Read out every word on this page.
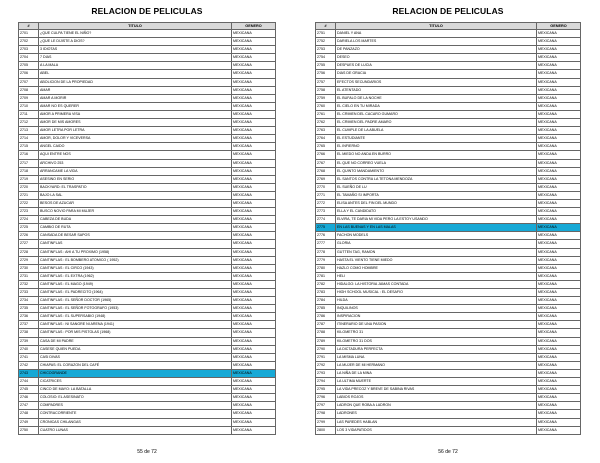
RELACION DE PELICULAS
#	TITULO	GENERO
2701	¿QUE CULPA TIENE EL NIÑO?	MEXICANA
2702	¿QUE LE DIJISTE A DIOS?	MEXICANA
2703	3 IDIOTAS	MEXICANA
2704	7 DIAS	MEXICANA
2705	A LA MALA	MEXICANA
2706	ABEL	MEXICANA
2707	ABOLICION DE LA PROPIEDAD	MEXICANA
2708	AMAR	MEXICANA
2709	AMAR A MORIR	MEXICANA
2710	AMAR NO ES QUERER	MEXICANA
2711	AMOR A PRIMERA VISA	MEXICANA
2712	AMOR DE MIS AMORES	MEXICANA
2713	AMOR LETRA POR LETRA	MEXICANA
2714	AMOR, DOLOR Y VICEVERSA	MEXICANA
2715	ANGEL CAIDO	MEXICANA
2716	AQUI ENTRE NOS	MEXICANA
2717	ARCHIVO 253	MEXICANA
2718	ARRANCAME LA VIDA	MEXICANA
2719	ASESINO EN SERIO	MEXICANA
2720	BACKYARD: EL TRASPATIO	MEXICANA
2721	BAJO LA SAL	MEXICANA
2722	BESOS DE AZUCAR	MEXICANA
2723	BUSCO NOVIO PARA MI MUJER	MEXICANA
2724	CABEZA DE BUDA	MEXICANA
2725	CAMBIO DE RUTA	MEXICANA
2726	CANSADA DE BESAR SAPOS	MEXICANA
2727	CANTINFLAS	MEXICANA
2728	CANTINFLAS : AHI A TU PROXIMO (1958)	MEXICANA
2729	CANTINFLAS : EL BOMBERO ATOMICO ( 1952)	MEXICANA
2730	CANTINFLAS : EL CIRCO (1943)	MEXICANA
2731	CANTINFLAS : EL EXTRA (1962)	MEXICANA
2732	CANTINFLAS : EL MAGO (1949)	MEXICANA
2733	CANTINFLAS : EL PADRECITO (1964)	MEXICANA
2734	CANTINFLAS : EL SEÑOR DOCTOR (1965)	MEXICANA
2735	CANTINFLAS : EL SEÑOR FOTOGRAFO (1953)	MEXICANA
2736	CANTINFLAS : EL SUPERSABIO (1948)	MEXICANA
2737	CANTINFLAS : NI SANGRE NI ARENA (1941)	MEXICANA
2738	CANTINFLAS : POR MIS PISTOLAS (1968)	MEXICANA
2739	CASA DE MI PADRE	MEXICANA
2740	CASESE QUIEN PUEDA	MEXICANA
2741	CASI DIVAS	MEXICANA
2742	CHIAPAS: EL CORAZON DEL CAFÉ	MEXICANA
2743	CHICOGRANDE	MEXICANA
2744	CICATRICES	MEXICANA
2745	CINCO DE MAYO: LA BATALLA	MEXICANA
2746	COLOSIO: EL ASESINATO	MEXICANA
2747	COMPADRES	MEXICANA
2748	CONTRACORRIENTE	MEXICANA
2749	CRONICAS CHILANGAS	MEXICANA
2750	CUATRO LUNAS	MEXICANA
55 de 72
RELACION DE PELICULAS
#	TITULO	GENERO
2751	DANIEL Y ANA	MEXICANA
2752	DARIELA LOS MARTES	MEXICANA
2753	DE PANZAZO	MEXICANA
2754	DESEO	MEXICANA
2755	DESPUES DE LUCIA	MEXICANA
2756	DIAS DE GRACIA	MEXICANA
2757	EFECTOS SECUNDARIOS	MEXICANA
2758	EL ATENTADO	MEXICANA
2759	EL BUFALO DE LA NOCHE	MEXICANA
2760	EL CIELO EN TU MIRADA	MEXICANA
2761	EL CRIMEN DEL CACARO GUMARO	MEXICANA
2762	EL CRIMEN DEL PADRE AMARO	MEXICANA
2763	EL CUMPLE DE LA ABUELA	MEXICANA
2764	EL ESTUDIANTE	MEXICANA
2765	EL INFIERNO	MEXICANA
2766	EL MIEDO NO ANDA EN BURRO	MEXICANA
2767	EL QUE NO CORREO VUELA	MEXICANA
2768	EL QUINTO MANDAMIENTO	MEXICANA
2769	EL SANTOS CONTRA LA TETONA MENDOZA	MEXICANA
2770	EL SUEÑO DE LU	MEXICANA
2771	EL TAMAÑO SI IMPORTA	MEXICANA
2772	ELISA ANTES DEL FIN DEL MUNDO	MEXICANA
2773	ELLA Y EL CANDIDATO	MEXICANA
2774	ELVIRA, TE DARIA MI VIDA PERO LA ESTOY USANDO	MEXICANA
2775	EN LAS BUENAS Y EN LAS MALAS	MEXICANA
2776	FACHON MODELS	MEXICANA
2777	GLORIA	MEXICANA
2778	GUTTEN TAG, RAMON	MEXICANA
2779	HASTA EL VIENTO TIENE MIEDO	MEXICANA
2780	HAZLO COMO HOMBRE	MEXICANA
2781	HELI	MEXICANA
2782	HIDALGO: LA HISTORIA JAMAS CONTADA	MEXICANA
2783	HIGH SCHOOL MUSICAL : EL DESAFIO	MEXICANA
2784	HILDA	MEXICANA
2785	INQUILINOS	MEXICANA
2786	INSPIRACION	MEXICANA
2787	ITINERARIO DE UNA PASION	MEXICANA
2788	KILOMETRO 31	MEXICANA
2789	KILOMETRO 31 DOS	MEXICANA
2790	LA DICTADURA PERFECTA	MEXICANA
2791	LA MISMA LUNA	MEXICANA
2792	LA MUJER DE MI HERMANO	MEXICANA
2793	LA NIÑA DE LA MINA	MEXICANA
2794	LA ULTIMA MUERTE	MEXICANA
2795	LA VIDA PRECOZ Y BREVE DE SABINA RIVAS	MEXICANA
2796	LABIOS ROJOS	MEXICANA
2797	LADRON QUE ROBA A LADRON	MEXICANA
2798	LADRONES	MEXICANA
2799	LAS PAREDES HABLAN	MEXICANA
2800	LOS 3 VIDAPATIDOS	MEXICANA
56 de 72
